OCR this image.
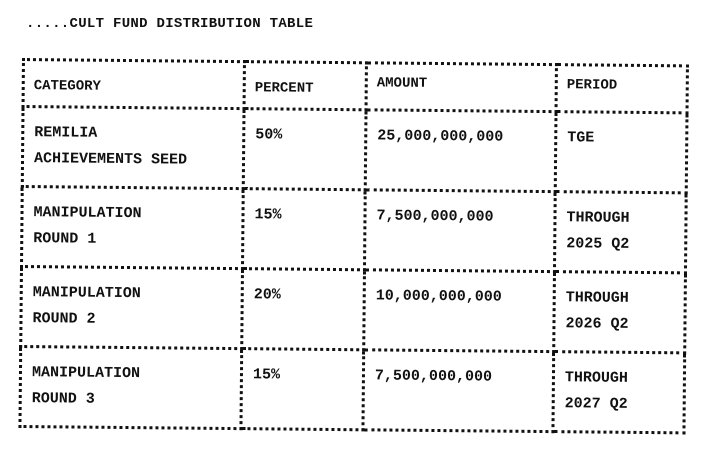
.....CULT FUND DISTRIBUTION TABLE
CATEGORY	PERCENT	AMOUNT	PERIOD

REMILIA
ACHIEVEMENTS SEED	50%	25,000,000,000	TGE

MANIPULATION
ROUND 1	15%	7,500,000,000	THROUGH
2025 Q2

MANIPULATION
ROUND 2	20%	10,000,000,000	THROUGH
2026 Q2

MANIPULATION
ROUND 3	15%	7,500,000,000	THROUGH
2027 Q2
